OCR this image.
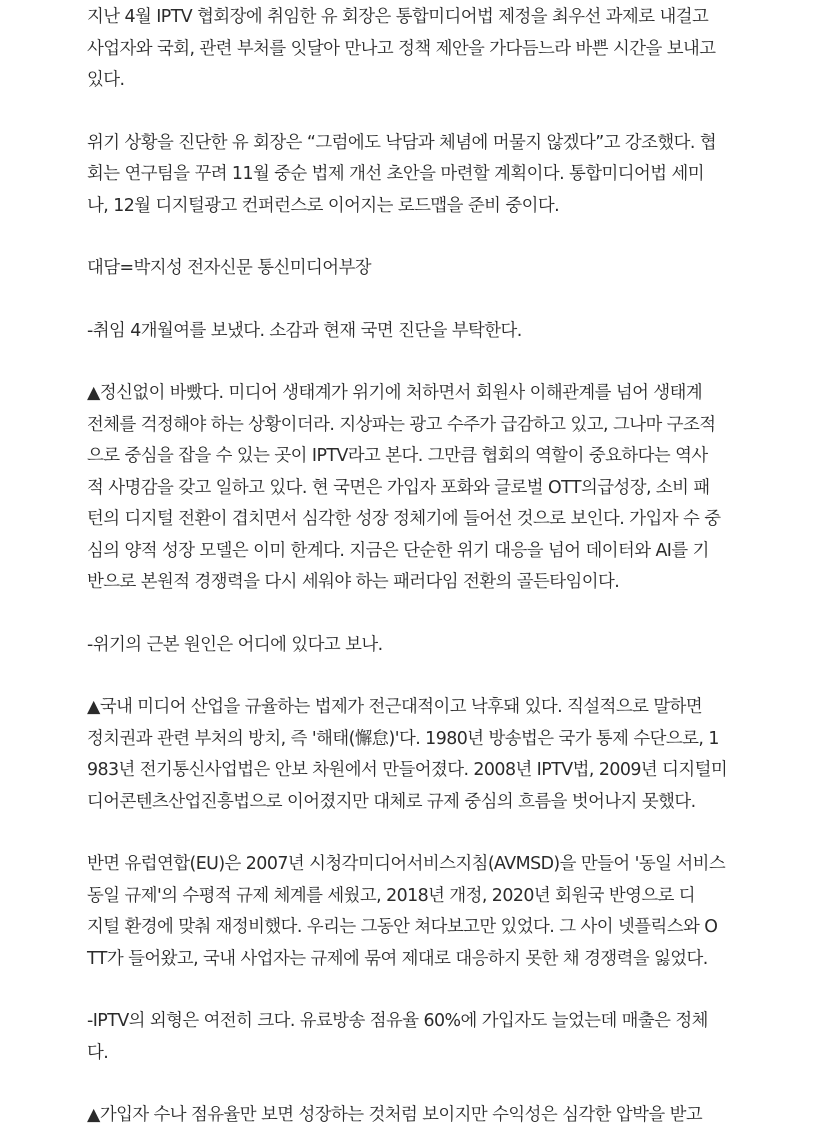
지난 4월 IPTV 협회장에 취임한 유 회장은 통합미디어법 제정을 최우선 과제로 내걸고
사업자와 국회, 관련 부처를 잇달아 만나고 정책 제안을 가다듬느라 바쁜 시간을 보내고
있다.

위기 상황을 진단한 유 회장은 “그럼에도 낙담과 체념에 머물지 않겠다”고 강조했다. 협
회는 연구팀을 꾸려 11월 중순 법제 개선 초안을 마련할 계획이다. 통합미디어법 세미
나, 12월 디지털광고 컨퍼런스로 이어지는 로드맵을 준비 중이다.

대담=박지성 전자신문 통신미디어부장

-취임 4개월여를 보냈다. 소감과 현재 국면 진단을 부탁한다.

▲정신없이 바빴다. 미디어 생태계가 위기에 처하면서 회원사 이해관계를 넘어 생태계
전체를 걱정해야 하는 상황이더라. 지상파는 광고 수주가 급감하고 있고, 그나마 구조적
으로 중심을 잡을 수 있는 곳이 IPTV라고 본다. 그만큼 협회의 역할이 중요하다는 역사
적 사명감을 갖고 일하고 있다. 현 국면은 가입자 포화와 글로벌 OTT의급성장, 소비 패
턴의 디지털 전환이 겹치면서 심각한 성장 정체기에 들어선 것으로 보인다. 가입자 수 중
심의 양적 성장 모델은 이미 한계다. 지금은 단순한 위기 대응을 넘어 데이터와 AI를 기
반으로 본원적 경쟁력을 다시 세워야 하는 패러다임 전환의 골든타임이다.

-위기의 근본 원인은 어디에 있다고 보나.

▲국내 미디어 산업을 규율하는 법제가 전근대적이고 낙후돼 있다. 직설적으로 말하면
정치권과 관련 부처의 방치, 즉 '해태(懈怠)'다. 1980년 방송법은 국가 통제 수단으로, 1
983년 전기통신사업법은 안보 차원에서 만들어졌다. 2008년 IPTV법, 2009년 디지털미
디어콘텐츠산업진흥법으로 이어졌지만 대체로 규제 중심의 흐름을 벗어나지 못했다.

반면 유럽연합(EU)은 2007년 시청각미디어서비스지침(AVMSD)을 만들어 '동일 서비스
동일 규제'의 수평적 규제 체계를 세웠고, 2018년 개정, 2020년 회원국 반영으로 디
지털 환경에 맞춰 재정비했다. 우리는 그동안 쳐다보고만 있었다. 그 사이 넷플릭스와 O
TT가 들어왔고, 국내 사업자는 규제에 묶여 제대로 대응하지 못한 채 경쟁력을 잃었다.

-IPTV의 외형은 여전히 크다. 유료방송 점유율 60%에 가입자도 늘었는데 매출은 정체
다.

▲가입자 수나 점유율만 보면 성장하는 것처럼 보이지만 수익성은 심각한 압박을 받고
